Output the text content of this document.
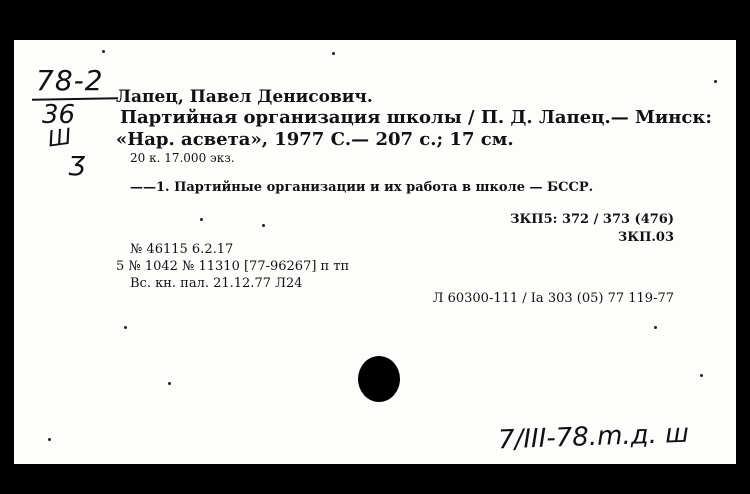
78-2
36
Ш
Ʒ
Лапец, Павел Денисович.
Партийная организация школы / П. Д. Лапец.— Минск:
«Нар. асвета», 1977 С.— 207 с.; 17 см.
20 к. 17.000 экз.
——1. Партийные организации и их работа в школе — БССР.
ЗКП5: 372 / 373 (476)
ЗКП.03
№ 46115 6.2.17
5 № 1042 № 11310 [77-96267] п тп
Вс. кн. пал. 21.12.77 Л24
Л 60300-111 / Ia 303 (05) 77 119-77
7/III-78.m.д. ш
